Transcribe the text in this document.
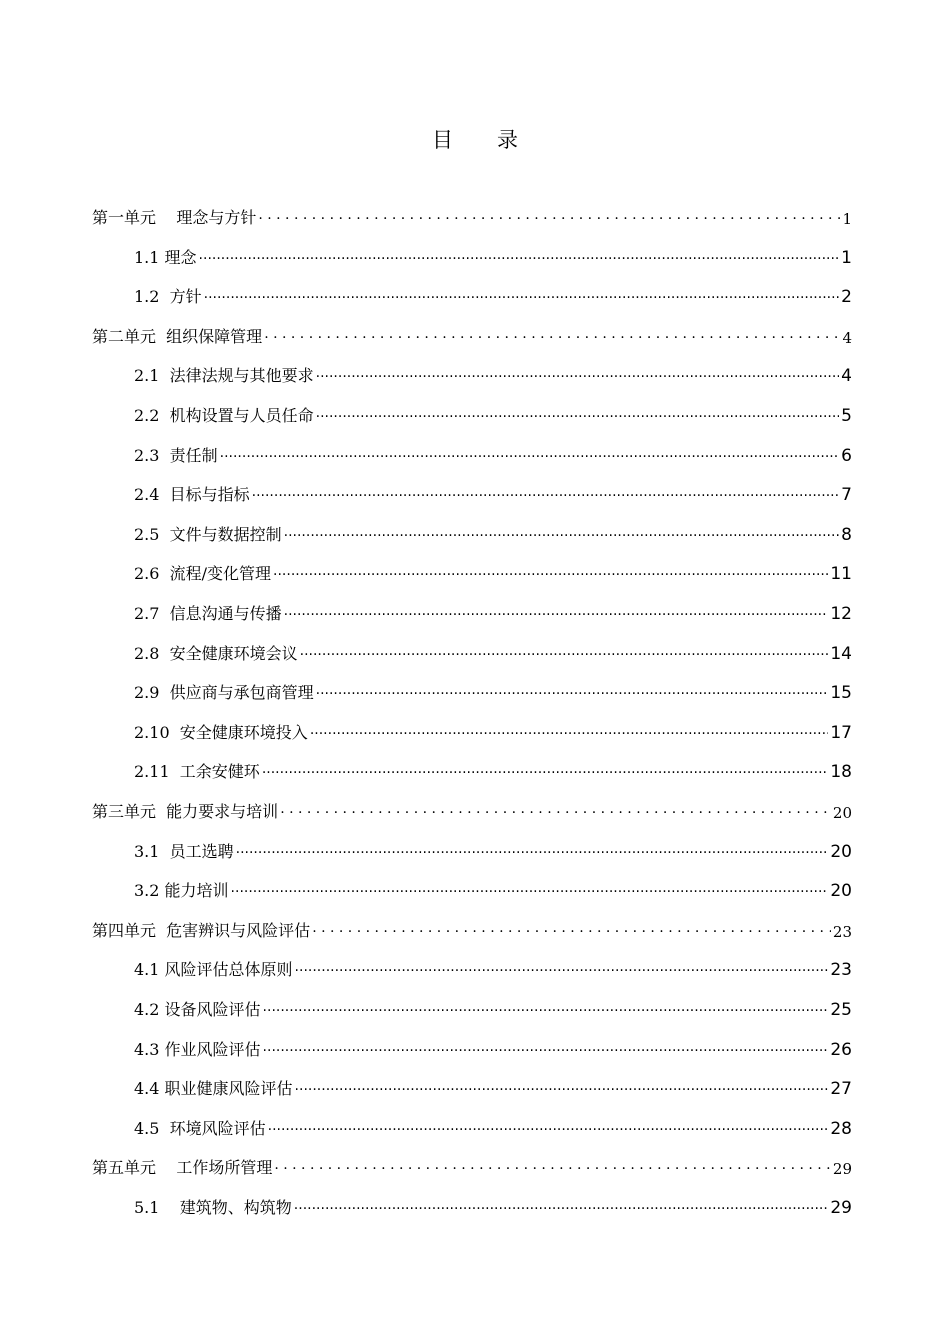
目 录
第一单元    理念与方针 . . .	1
1.1 理念 .....	1
1.2  方针 .....	2
第二单元  组织保障管理 . . .	4
2.1  法律法规与其他要求 .....	4
2.2  机构设置与人员任命 .....	5
2.3  责任制 .....	6
2.4  目标与指标 .....	7
2.5  文件与数据控制 .....	8
2.6  流程/变化管理 .....	11
2.7  信息沟通与传播 .....	12
2.8  安全健康环境会议 .....	14
2.9  供应商与承包商管理 .....	15
2.10  安全健康环境投入 .....	17
2.11  工余安健环 .....	18
第三单元  能力要求与培训 . . .	20
3.1  员工选聘 .....	20
3.2 能力培训 .....	20
第四单元  危害辨识与风险评估 . . .	23
4.1 风险评估总体原则 .....	23
4.2 设备风险评估 .....	25
4.3 作业风险评估 .....	26
4.4 职业健康风险评估 .....	27
4.5  环境风险评估 .....	28
第五单元    工作场所管理 . . .	29
5.1    建筑物、构筑物 .....	29
